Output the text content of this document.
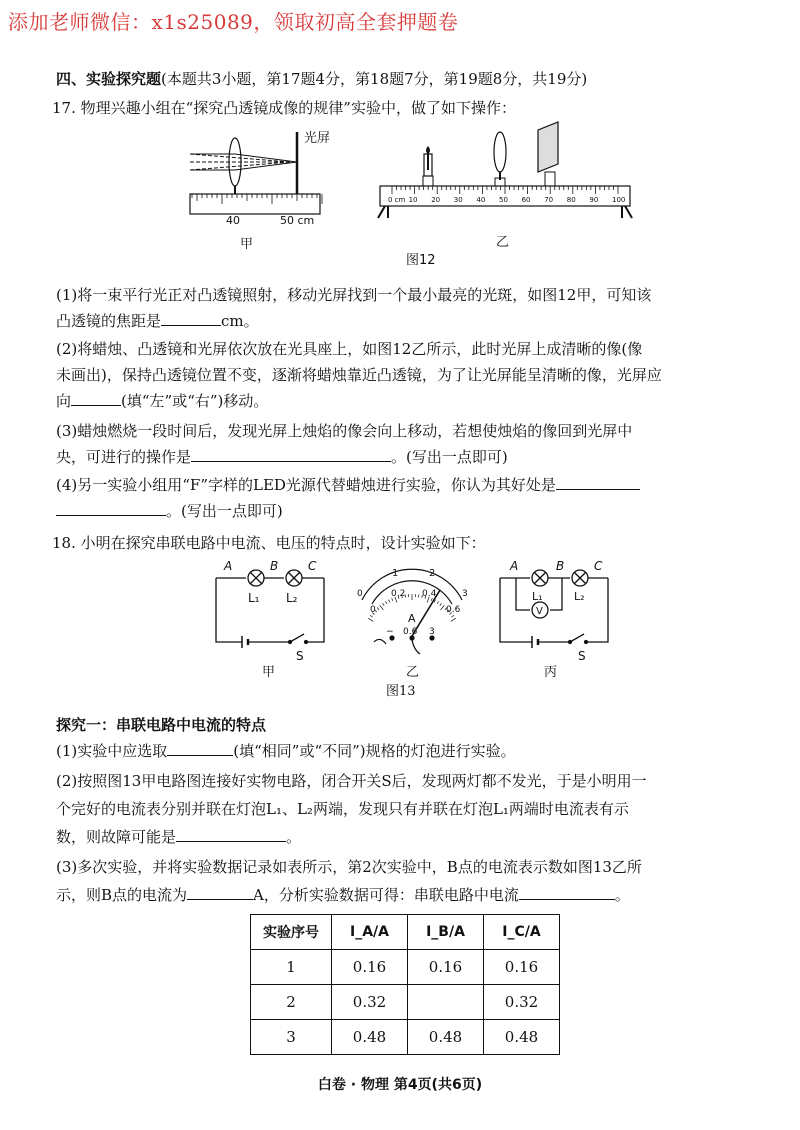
添加老师微信：x1s25089，领取初高全套押题卷
四、实验探究题(本题共3小题，第17题4分，第18题7分，第19题8分，共19分)
17. 物理兴趣小组在“探究凸透镜成像的规律”实验中，做了如下操作：
光屏
40	50 cm
甲
0 cm 10 20 30 40 50 60 70 80 90 100
乙
图12
(1)将一束平行光正对凸透镜照射，移动光屏找到一个最小最亮的光斑，如图12甲，可知该
凸透镜的焦距是	cm。
(2)将蜡烛、凸透镜和光屏依次放在光具座上，如图12乙所示，此时光屏上成清晰的像(像
未画出)，保持凸透镜位置不变，逐渐将蜡烛靠近凸透镜，为了让光屏能呈清晰的像，光屏应
向	(填“左”或“右”)移动。
(3)蜡烛燃烧一段时间后，发现光屏上烛焰的像会向上移动，若想使烛焰的像回到光屏中
央，可进行的操作是	。(写出一点即可)
(4)另一实验小组用“F”字样的LED光源代替蜡烛进行实验，你认为其好处是
。(写出一点即可)
18. 小明在探究串联电路中电流、电压的特点时，设计实验如下：
A	B C
L₁ L₂
S
甲
1	2
0	3
0
0.2 0.4
0.6
A
− 0.6 3
乙
V
A	B C
L₁	L₂
S
丙
图13
探究一：串联电路中电流的特点
(1)实验中应选取	(填“相同”或“不同”)规格的灯泡进行实验。
(2)按照图13甲电路图连接好实物电路，闭合开关S后，发现两灯都不发光，于是小明用一
个完好的电流表分别并联在灯泡L₁、L₂两端，发现只有并联在灯泡L₁两端时电流表有示
数，则故障可能是	。
(3)多次实验，并将实验数据记录如表所示，第2次实验中，B点的电流表示数如图13乙所
示，则B点的电流为	A，分析实验数据可得：串联电路中电流	。
实验序号	I_A/A	I_B/A	I_C/A
1	0.16	0.16	0.16
2	0.32		0.32
3	0.48	0.48	0.48
白卷 · 物理 第4页(共6页)
